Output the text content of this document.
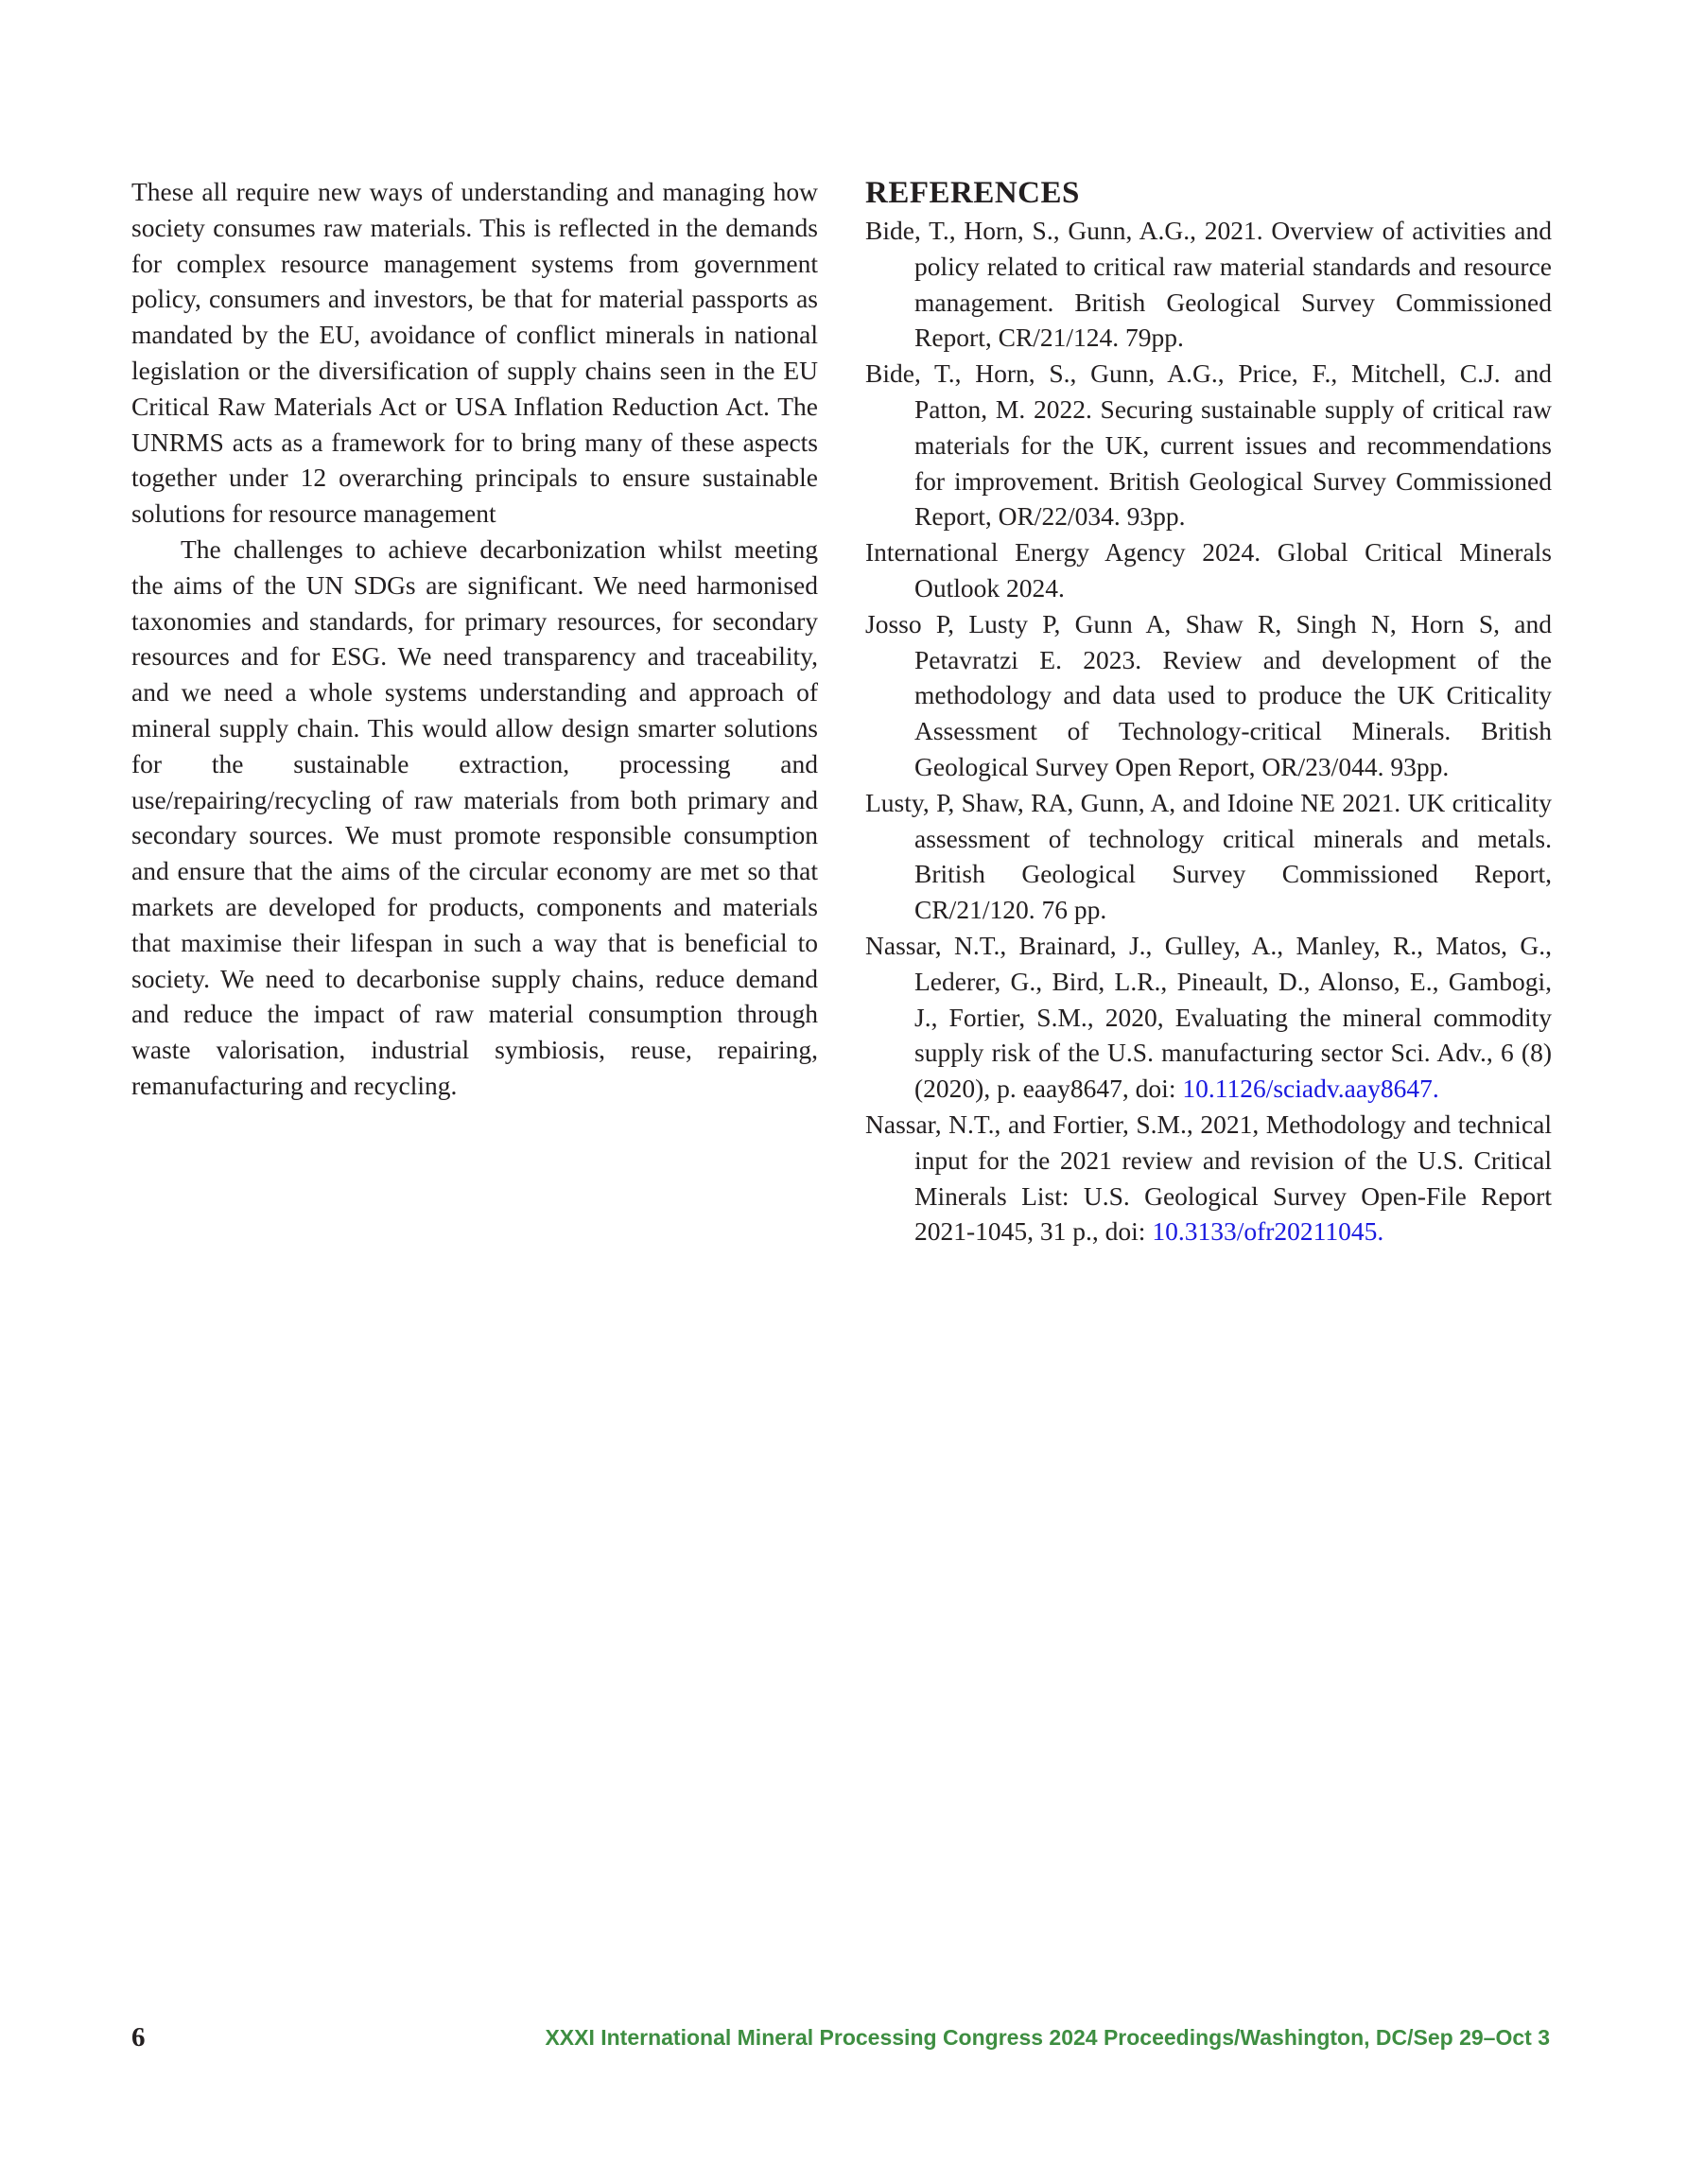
These all require new ways of understanding and managing how society consumes raw materials. This is reflected in the demands for complex resource management systems from government policy, consumers and investors, be that for material passports as mandated by the EU, avoidance of conflict minerals in national legislation or the diversification of supply chains seen in the EU Critical Raw Materials Act or USA Inflation Reduction Act. The UNRMS acts as a framework for to bring many of these aspects together under 12 overarching principals to ensure sustainable solutions for resource management

The challenges to achieve decarbonization whilst meeting the aims of the UN SDGs are significant. We need harmonised taxonomies and standards, for primary resources, for secondary resources and for ESG. We need transparency and traceability, and we need a whole systems understanding and approach of mineral supply chain. This would allow design smarter solutions for the sustainable extraction, processing and use/repairing/recycling of raw materials from both primary and secondary sources. We must promote responsible consumption and ensure that the aims of the circular economy are met so that markets are developed for products, components and materials that maximise their lifespan in such a way that is beneficial to society. We need to decarbonise supply chains, reduce demand and reduce the impact of raw material consumption through waste valorisation, industrial symbiosis, reuse, repairing, remanufacturing and recycling.

REFERENCES
Bide, T., Horn, S., Gunn, A.G., 2021. Overview of activities and policy related to critical raw material standards and resource management. British Geological Survey Commissioned Report, CR/21/124. 79pp.
Bide, T., Horn, S., Gunn, A.G., Price, F., Mitchell, C.J. and Patton, M. 2022. Securing sustainable supply of critical raw materials for the UK, current issues and recommendations for improvement. British Geological Survey Commissioned Report, OR/22/034. 93pp.
International Energy Agency 2024. Global Critical Minerals Outlook 2024.
Josso P, Lusty P, Gunn A, Shaw R, Singh N, Horn S, and Petavratzi E. 2023. Review and development of the methodology and data used to produce the UK Criticality Assessment of Technology-critical Minerals. British Geological Survey Open Report, OR/23/044. 93pp.
Lusty, P, Shaw, RA, Gunn, A, and Idoine NE 2021. UK criticality assessment of technology critical minerals and metals. British Geological Survey Commissioned Report, CR/21/120. 76 pp.
Nassar, N.T., Brainard, J., Gulley, A., Manley, R., Matos, G., Lederer, G., Bird, L.R., Pineault, D., Alonso, E., Gambogi, J., Fortier, S.M., 2020, Evaluating the mineral commodity supply risk of the U.S. manufacturing sector Sci. Adv., 6 (8) (2020), p. eaay8647, doi: 10.1126/sciadv.aay8647.
Nassar, N.T., and Fortier, S.M., 2021, Methodology and technical input for the 2021 review and revision of the U.S. Critical Minerals List: U.S. Geological Survey Open-File Report 2021-1045, 31 p., doi: 10.3133/ofr20211045.
6	XXXI International Mineral Processing Congress 2024 Proceedings/Washington, DC/Sep 29–Oct 3
